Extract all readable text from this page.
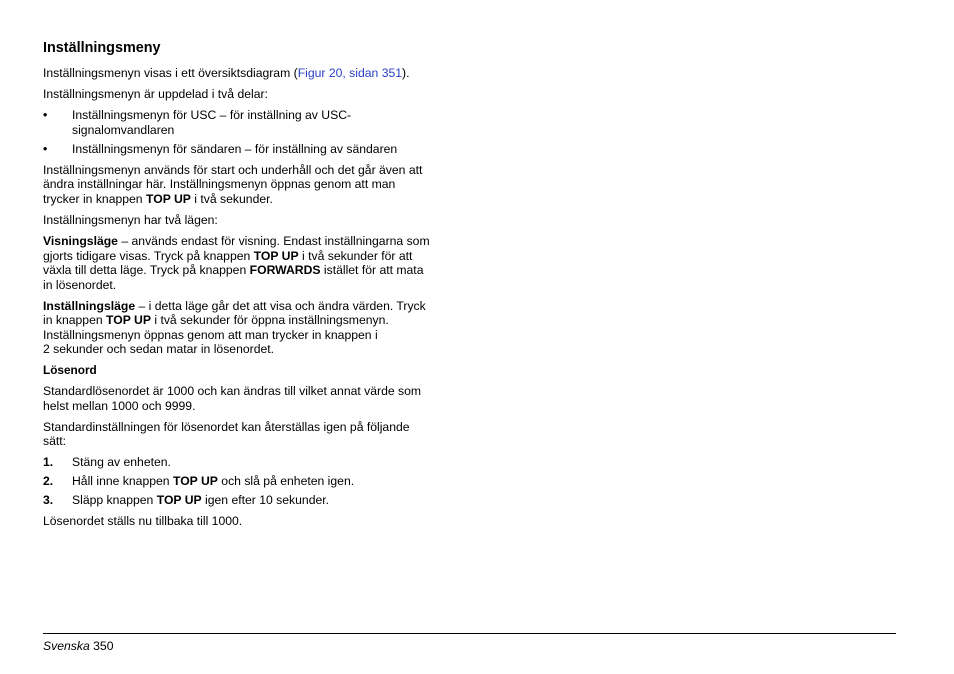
Inställningsmeny

Inställningsmenyn visas i ett översiktsdiagram (Figur 20, sidan 351).

Inställningsmenyn är uppdelad i två delar:

•	Inställningsmenyn för USC – för inställning av USC-
signalomvandlaren
•	Inställningsmenyn för sändaren – för inställning av sändaren

Inställningsmenyn används för start och underhåll och det går även att
ändra inställningar här. Inställningsmenyn öppnas genom att man
trycker in knappen TOP UP i två sekunder.

Inställningsmenyn har två lägen:

Visningsläge – används endast för visning. Endast inställningarna som
gjorts tidigare visas. Tryck på knappen TOP UP i två sekunder för att
växla till detta läge. Tryck på knappen FORWARDS istället för att mata
in lösenordet.

Inställningsläge – i detta läge går det att visa och ändra värden. Tryck
in knappen TOP UP i två sekunder för öppna inställningsmenyn.
Inställningsmenyn öppnas genom att man trycker in knappen i
2 sekunder och sedan matar in lösenordet.

Lösenord

Standardlösenordet är 1000 och kan ändras till vilket annat värde som
helst mellan 1000 och 9999.

Standardinställningen för lösenordet kan återställas igen på följande
sätt:

1.	Stäng av enheten.
2.	Håll inne knappen TOP UP och slå på enheten igen.
3.	Släpp knappen TOP UP igen efter 10 sekunder.

Lösenordet ställs nu tillbaka till 1000.

Svenska 350
